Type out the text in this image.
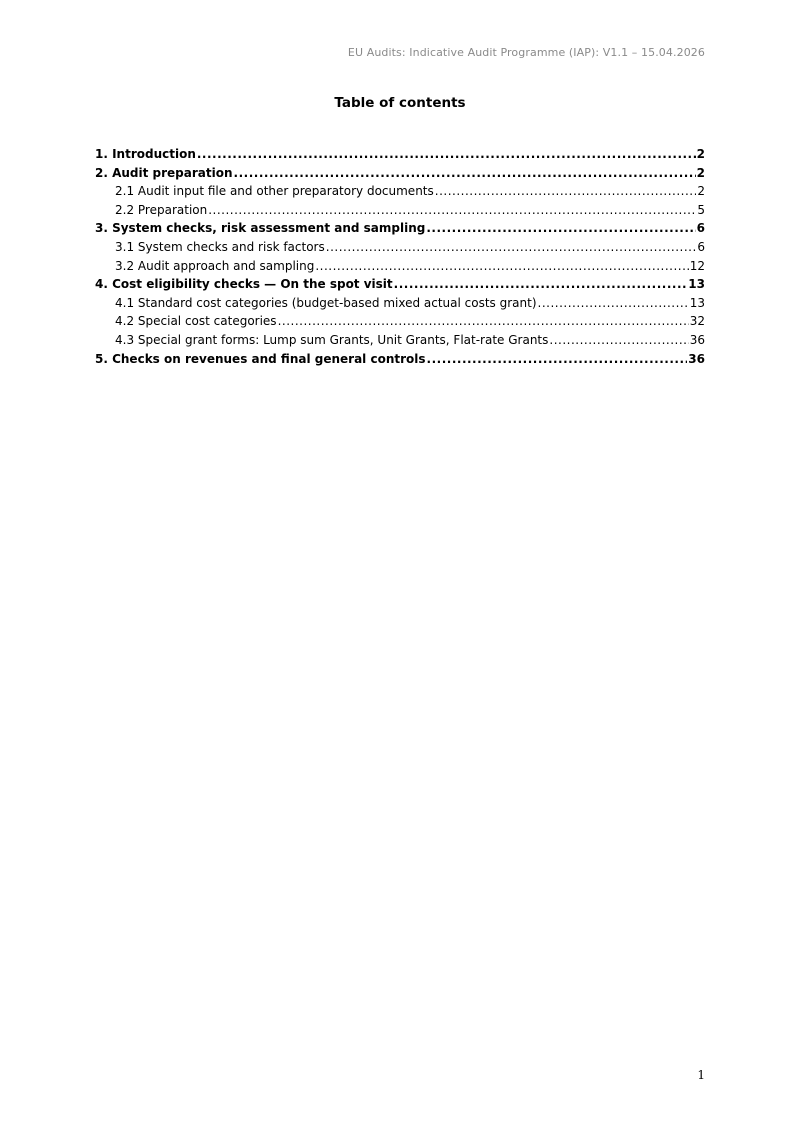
EU Audits: Indicative Audit Programme (IAP): V1.1 – 15.04.2026
Table of contents
1. Introduction .....	2
2. Audit preparation .....	2
2.1 Audit input file and other preparatory documents .....	2
2.2 Preparation .....	5
3. System checks, risk assessment and sampling .....	6
3.1 System checks and risk factors .....	6
3.2 Audit approach and sampling .....	12
4. Cost eligibility checks — On the spot visit .....	13
4.1 Standard cost categories (budget-based mixed actual costs grant) .....	13
4.2 Special cost categories .....	32
4.3 Special grant forms: Lump sum Grants, Unit Grants, Flat-rate Grants .....	36
5. Checks on revenues and final general controls .....	36
1
